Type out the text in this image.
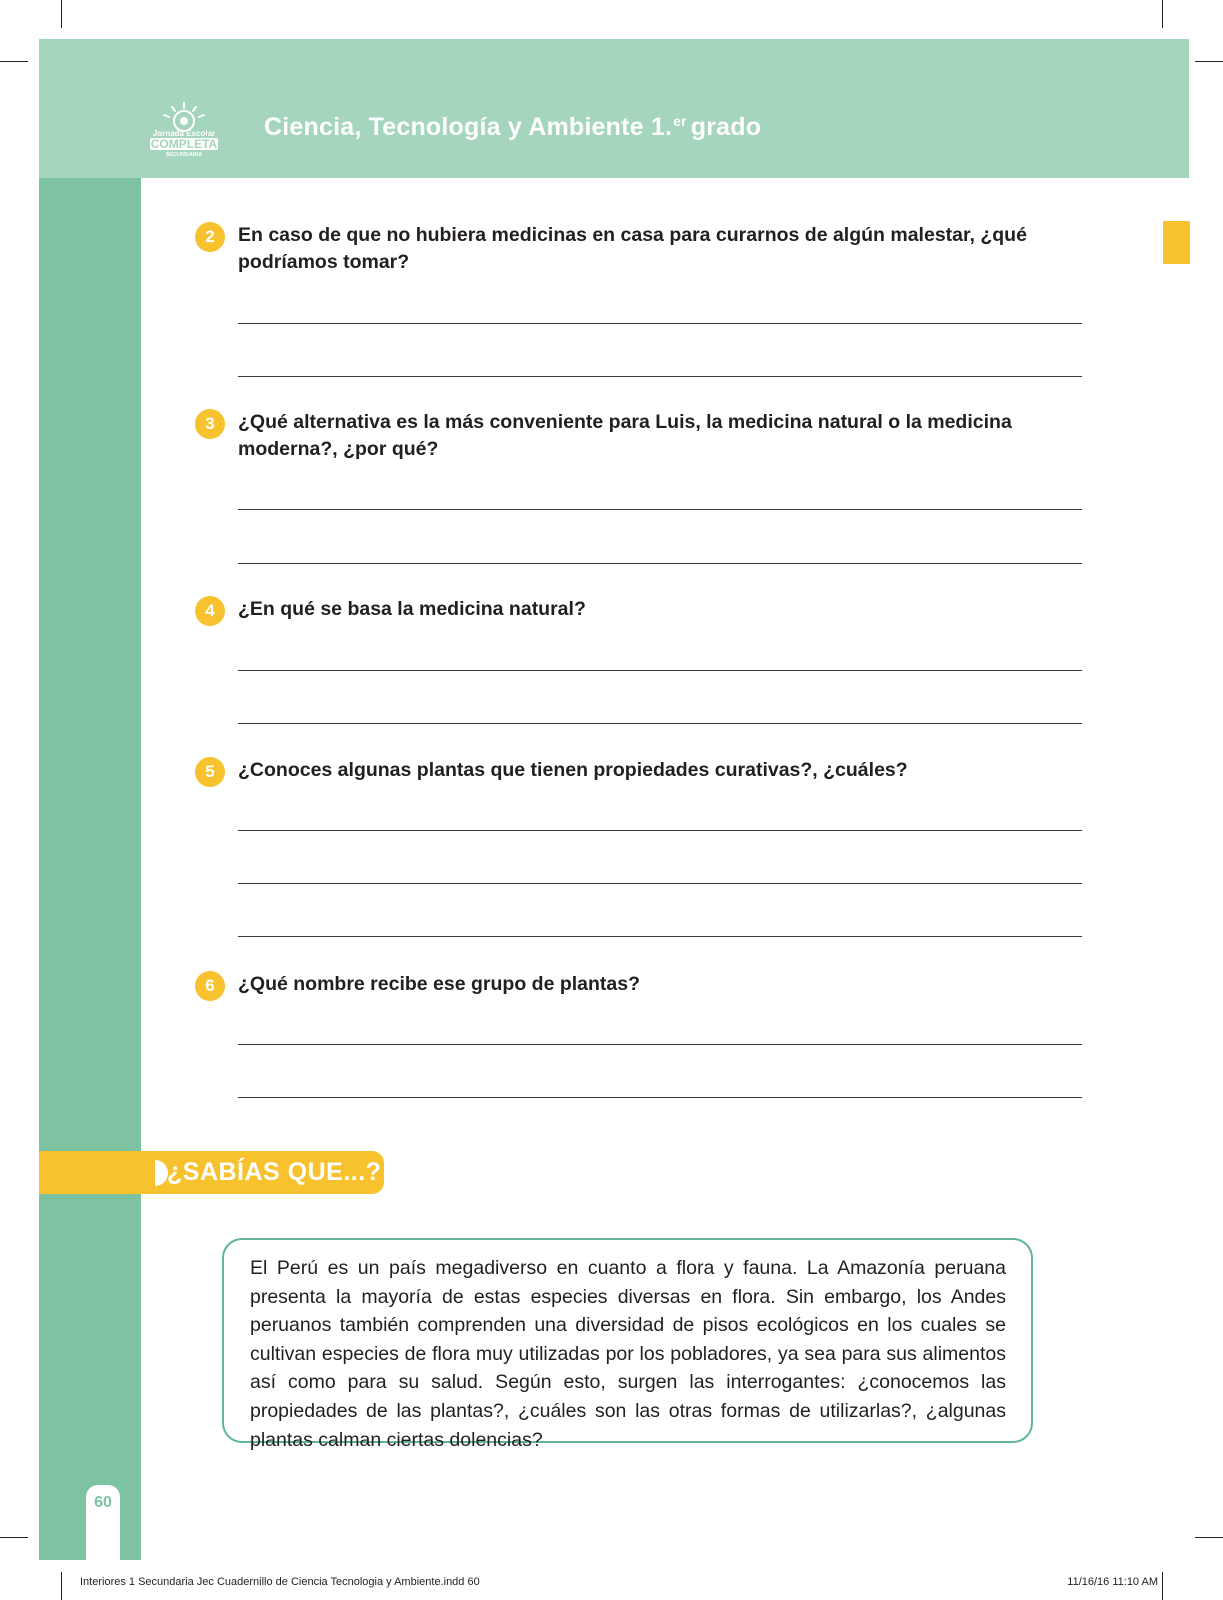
Jornada Escolar
COMPLETA
SECUNDARIA
Ciencia, Tecnología y Ambiente 1.$^{er}$ grado
2	En caso de que no hubiera medicinas en casa para curarnos de algún malestar, ¿qué podríamos tomar?
3	¿Qué alternativa es la más conveniente para Luis, la medicina natural o la medicina moderna?, ¿por qué?
4	¿En qué se basa la medicina natural?
5	¿Conoces algunas plantas que tienen propiedades curativas?, ¿cuáles?
6	¿Qué nombre recibe ese grupo de plantas?
¿SABÍAS QUE...?
El Perú es un país megadiverso en cuanto a flora y fauna. La Amazonía peruana presenta la mayoría de estas especies diversas en flora. Sin embargo, los Andes peruanos también comprenden una diversidad de pisos ecológicos en los cuales se cultivan especies de flora muy utilizadas por los pobladores, ya sea para sus alimentos así como para su salud. Según esto, surgen las interrogantes: ¿conocemos las propiedades de las plantas?, ¿cuáles son las otras formas de utilizarlas?, ¿algunas plantas calman ciertas dolencias?
60
Interiores 1 Secundaria Jec Cuadernillo de Ciencia Tecnologia y Ambiente.indd 60	11/16/16 11:10 AM
